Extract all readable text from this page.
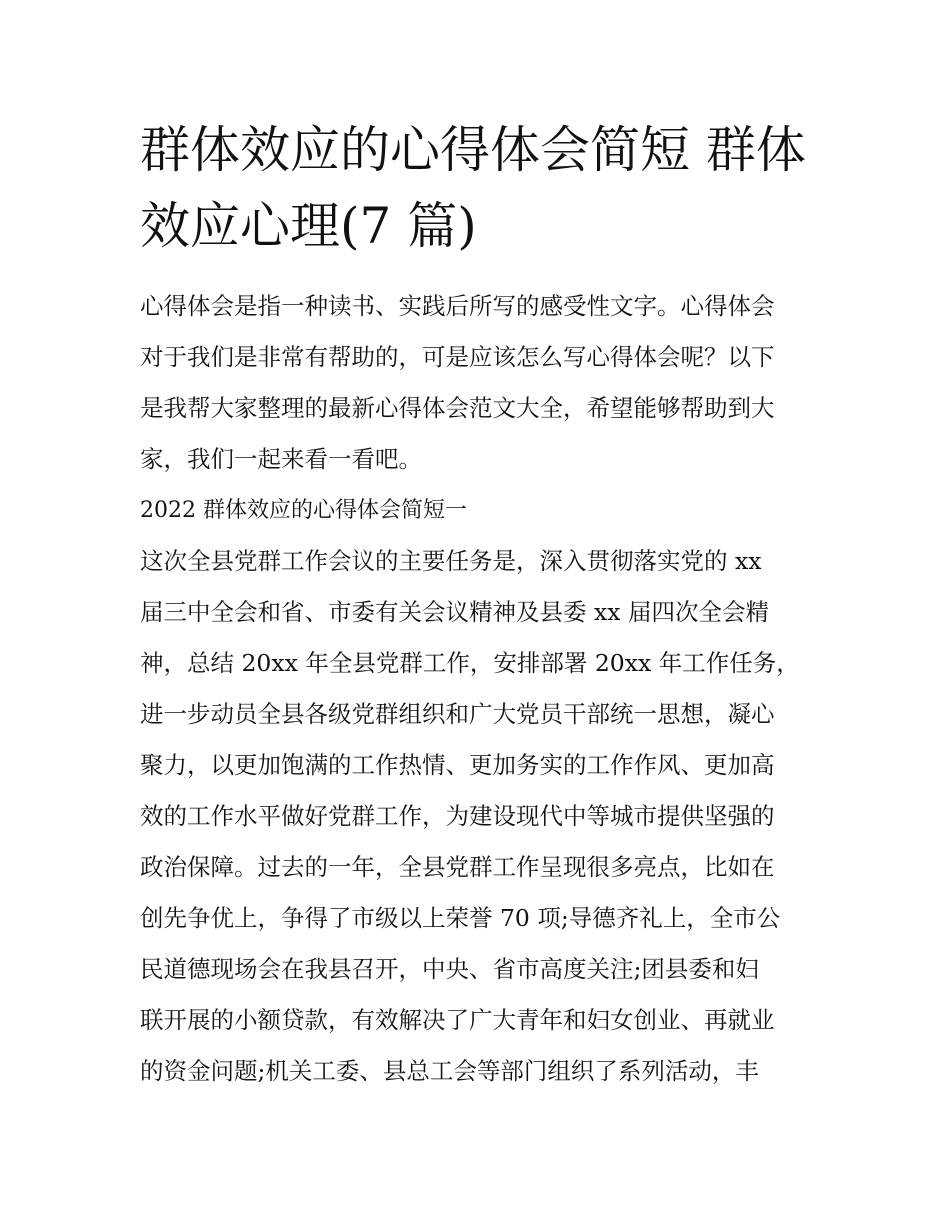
群体效应的心得体会简短 群体
效应心理(7 篇)
心得体会是指一种读书、实践后所写的感受性文字。心得体会
对于我们是非常有帮助的，可是应该怎么写心得体会呢？以下
是我帮大家整理的最新心得体会范文大全，希望能够帮助到大
家，我们一起来看一看吧。
2022 群体效应的心得体会简短一
这次全县党群工作会议的主要任务是，深入贯彻落实党的 xx
届三中全会和省、市委有关会议精神及县委 xx 届四次全会精
神，总结 20xx 年全县党群工作，安排部署 20xx 年工作任务，
进一步动员全县各级党群组织和广大党员干部统一思想，凝心
聚力，以更加饱满的工作热情、更加务实的工作作风、更加高
效的工作水平做好党群工作，为建设现代中等城市提供坚强的
政治保障。过去的一年，全县党群工作呈现很多亮点，比如在
创先争优上，争得了市级以上荣誉 70 项;导德齐礼上，全市公
民道德现场会在我县召开，中央、省市高度关注;团县委和妇
联开展的小额贷款，有效解决了广大青年和妇女创业、再就业
的资金问题;机关工委、县总工会等部门组织了系列活动，丰
